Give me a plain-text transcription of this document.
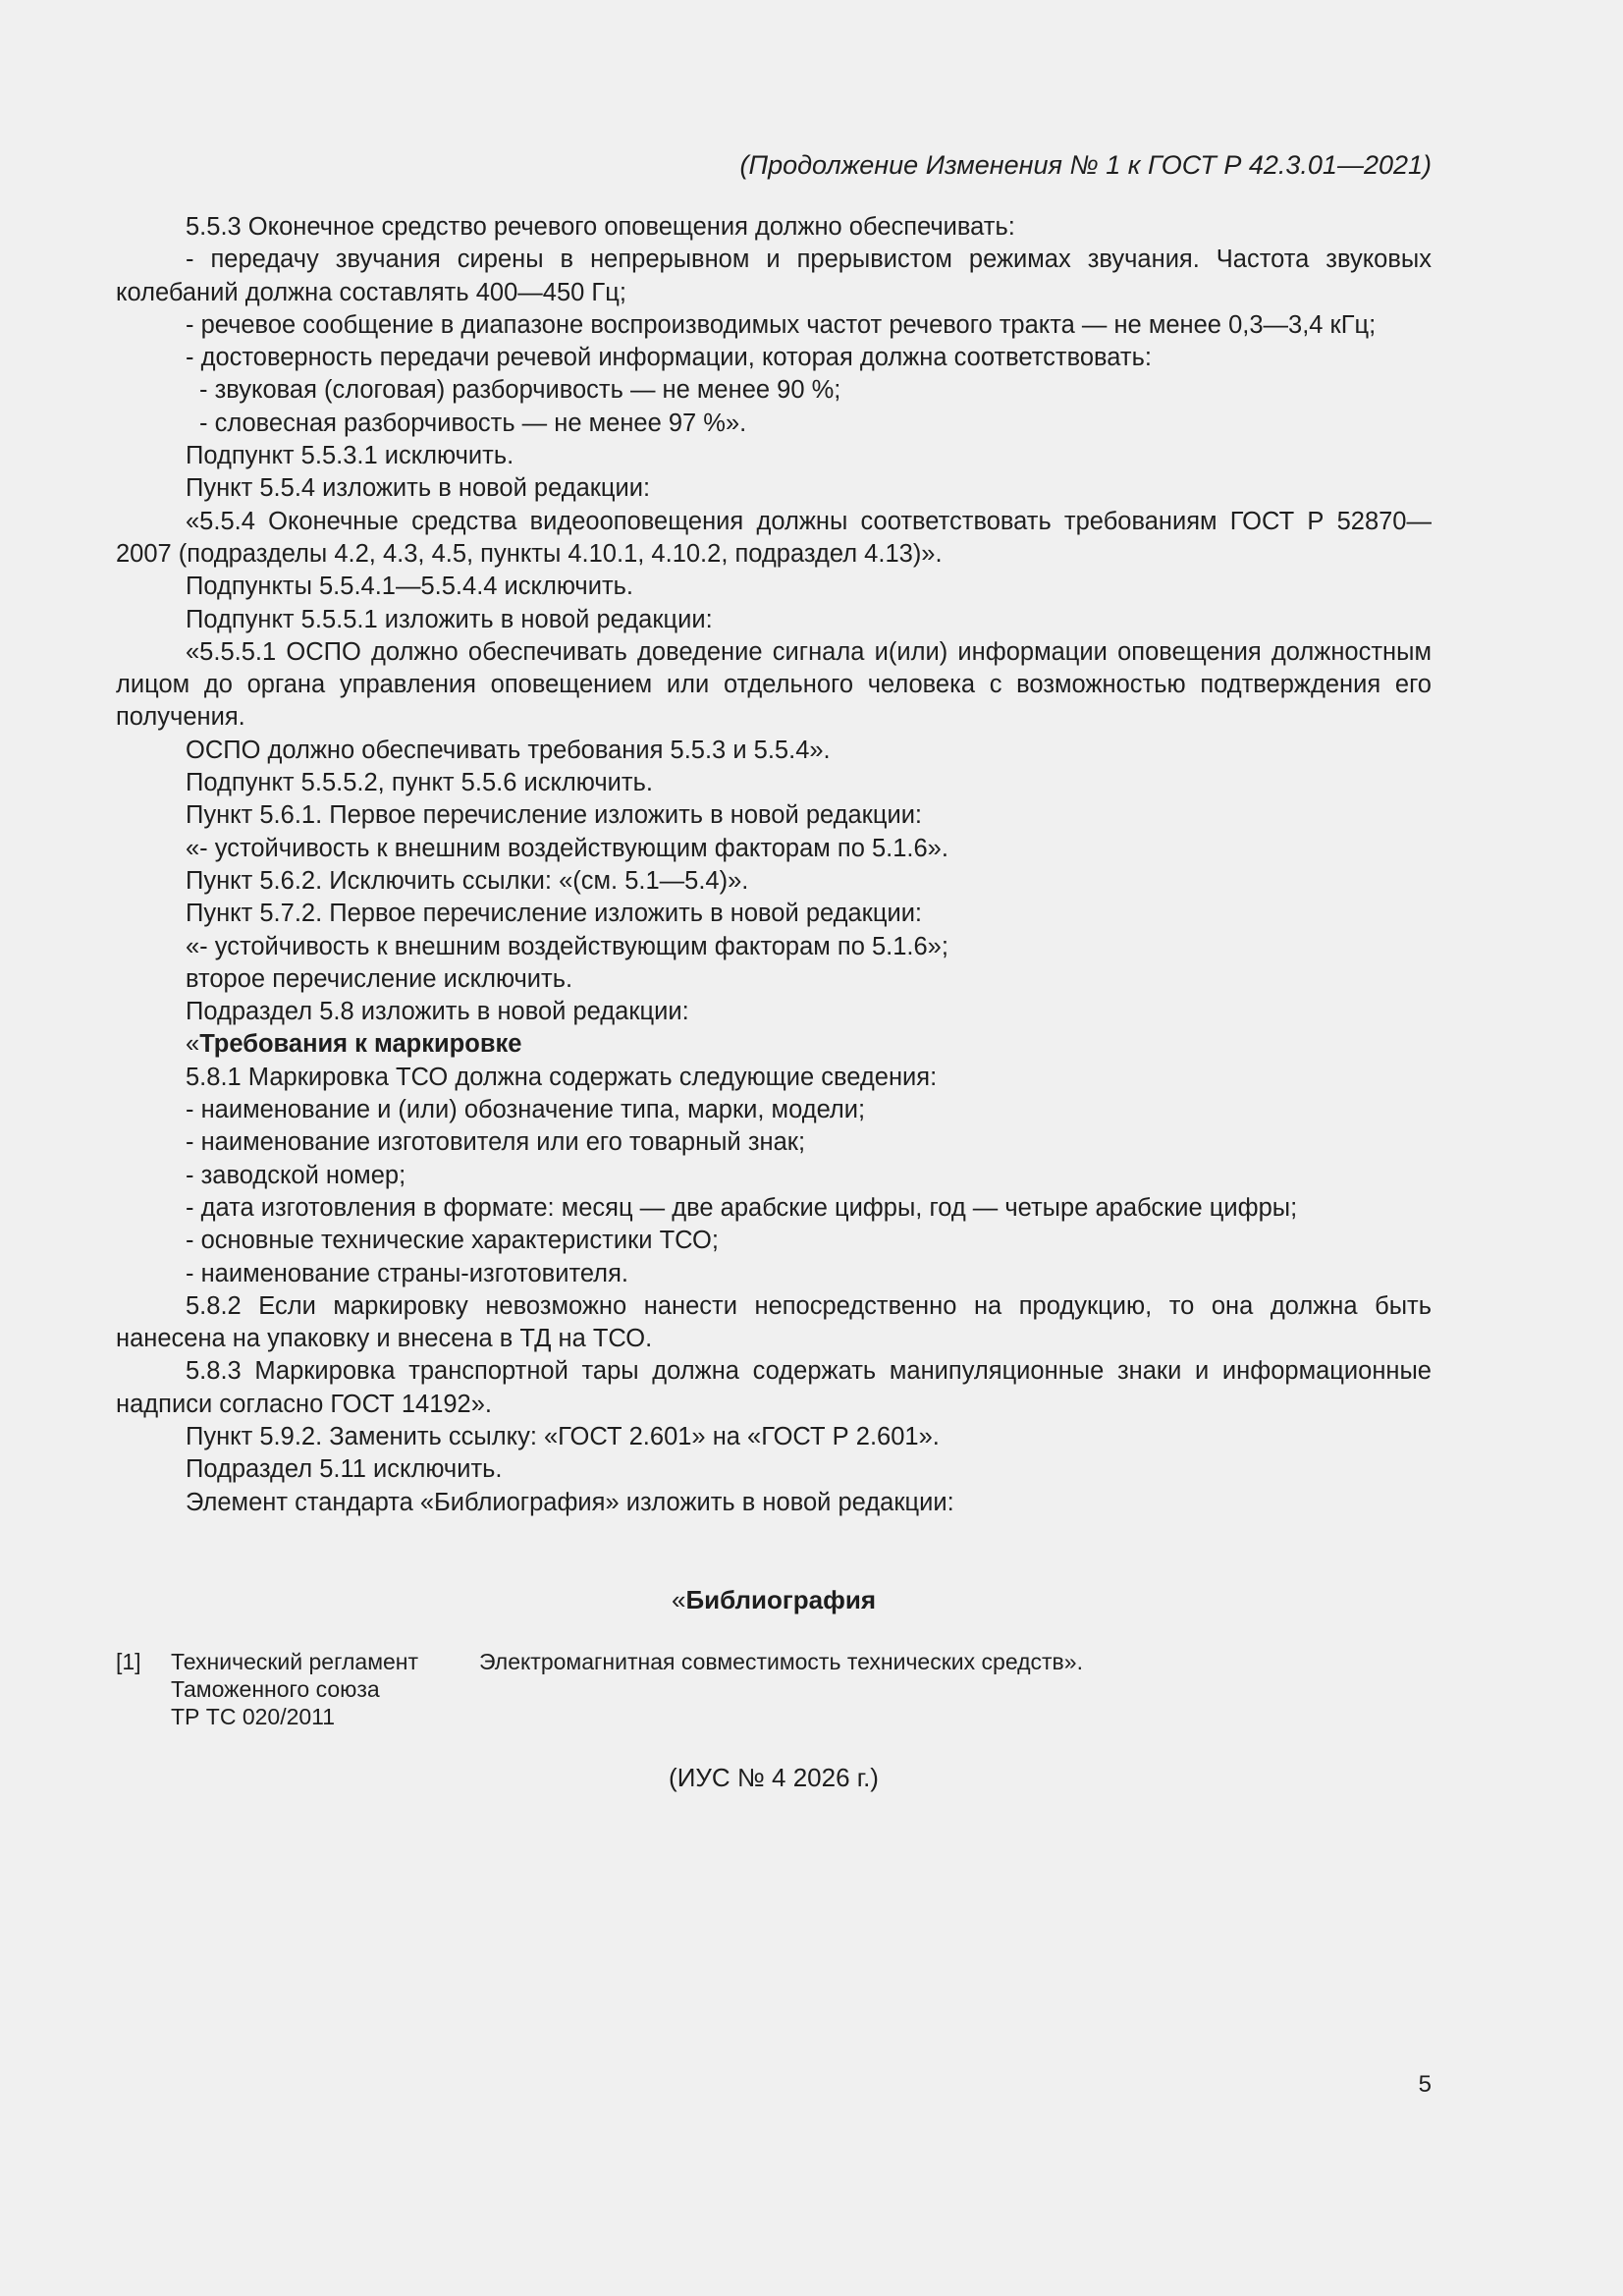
(Продолжение Изменения № 1 к ГОСТ Р 42.3.01—2021)

5.5.3 Оконечное средство речевого оповещения должно обеспечивать:

- передачу звучания сирены в непрерывном и прерывистом режимах звучания. Частота звуковых колебаний должна составлять 400—450 Гц;

- речевое сообщение в диапазоне воспроизводимых частот речевого тракта — не менее 0,3—3,4 кГц;

- достоверность передачи речевой информации, которая должна соответствовать:

- звуковая (слоговая) разборчивость — не менее 90 %;

- словесная разборчивость — не менее 97 %».

Подпункт 5.5.3.1 исключить.

Пункт 5.5.4 изложить в новой редакции:

«5.5.4 Оконечные средства видеооповещения должны соответствовать требованиям ГОСТ Р 52870—2007 (подразделы 4.2, 4.3, 4.5, пункты 4.10.1, 4.10.2, подраздел 4.13)».

Подпункты 5.5.4.1—5.5.4.4 исключить.

Подпункт 5.5.5.1 изложить в новой редакции:

«5.5.5.1 ОСПО должно обеспечивать доведение сигнала и(или) информации оповещения должностным лицом до органа управления оповещением или отдельного человека с возможностью подтверждения его получения.

ОСПО должно обеспечивать требования 5.5.3 и 5.5.4».

Подпункт 5.5.5.2, пункт 5.5.6 исключить.

Пункт 5.6.1. Первое перечисление изложить в новой редакции:

«- устойчивость к внешним воздействующим факторам по 5.1.6».

Пункт 5.6.2. Исключить ссылки: «(см. 5.1—5.4)».

Пункт 5.7.2. Первое перечисление изложить в новой редакции:

«- устойчивость к внешним воздействующим факторам по 5.1.6»;

второе перечисление исключить.

Подраздел 5.8 изложить в новой редакции:

«Требования к маркировке

5.8.1 Маркировка ТСО должна содержать следующие сведения:

- наименование и (или) обозначение типа, марки, модели;

- наименование изготовителя или его товарный знак;

- заводской номер;

- дата изготовления в формате: месяц — две арабские цифры, год — четыре арабские цифры;

- основные технические характеристики ТСО;

- наименование страны-изготовителя.

5.8.2 Если маркировку невозможно нанести непосредственно на продукцию, то она должна быть нанесена на упаковку и внесена в ТД на ТСО.

5.8.3 Маркировка транспортной тары должна содержать манипуляционные знаки и информационные надписи согласно ГОСТ 14192».

Пункт 5.9.2. Заменить ссылку: «ГОСТ 2.601» на «ГОСТ Р 2.601».

Подраздел 5.11 исключить.

Элемент стандарта «Библиография» изложить в новой редакции:

«Библиография
[1] Технический регламент
Таможенного союза
ТР ТС 020/2011
Электромагнитная совместимость технических средств».
(ИУС № 4 2026 г.)
5
